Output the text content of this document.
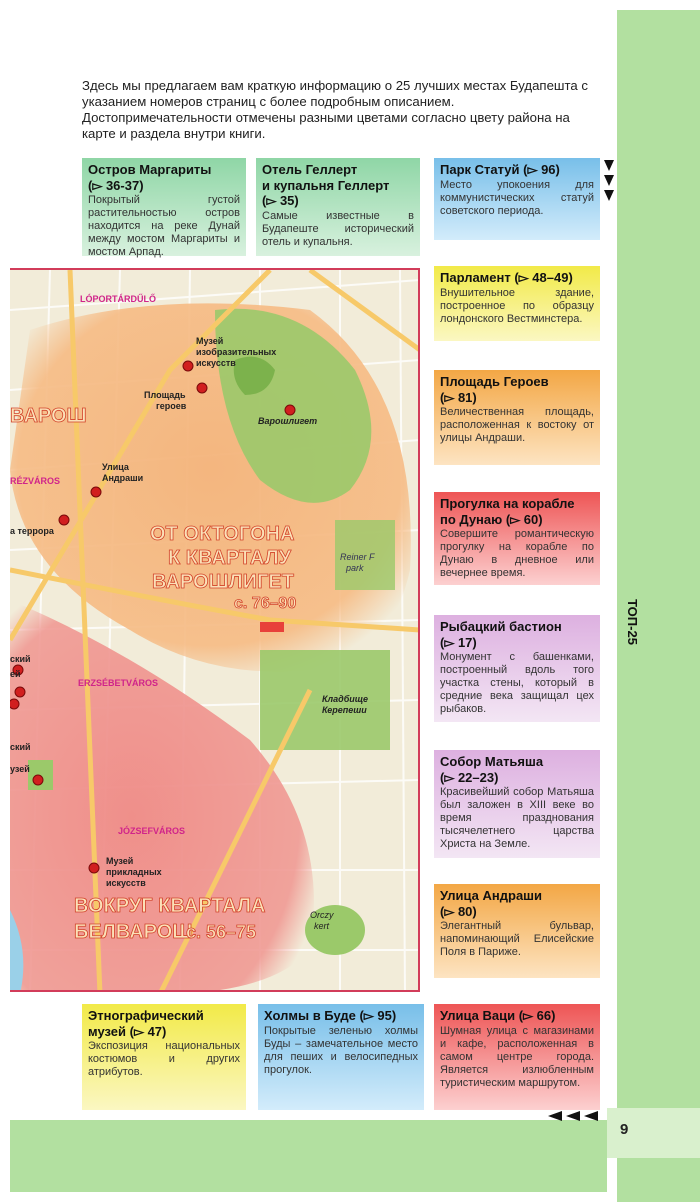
ТОП-25
9
Здесь мы предлагаем вам краткую информацию о 25 лучших местах Будапешта с указанием номеров страниц с более подробным описанием. Достопримечательности отмечены разными цветами согласно цвету района на карте и раздела внутри книги.
Остров Маргариты
(▻ 36-37)
Покрытый густой растительностью остров находится на реке Дунай между мостом Маргариты и мостом Арпад.
Отель Геллерт
и купальня Геллерт
(▻ 35)
Самые известные в Будапеште исторический отель и купальня.
Парк Статуй (▻ 96)
Место упокоения для коммунистических статуй советского периода.
Парламент (▻ 48–49)
Внушительное здание, построенное по образцу лондонского Вестминстера.
Площадь Героев
(▻ 81)
Величественная площадь, расположенная к востоку от улицы Андраши.
Прогулка на корабле
по Дунаю (▻ 60)
Совершите романтическую прогулку на корабле по Дунаю в дневное или вечернее время.
Рыбацкий бастион
(▻ 17)
Монумент с башенками, построенный вдоль того участка стены, который в средние века защищал цех рыбаков.
Собор Матьяша
(▻ 22–23)
Красивейший собор Матьяша был заложен в XIII веке во время празднования тысячелетнего царства Христа на Земле.
Улица Андраши
(▻ 80)
Элегантный бульвар, напоминающий Елисейские Поля в Париже.
Улица Ваци (▻ 66)
Шумная улица с магазинами и кафе, расположенная в самом центре города. Является излюбленным туристическим маршрутом.
Этнографический
музей (▻ 47)
Экспозиция национальных костюмов и других атрибутов.
Холмы в Буде (▻ 95)
Покрытые зеленью холмы Буды – замечательное место для пеших и велосипедных прогулок.
LÓPORTÁRDŰLŐ
RÉZVÁROS
ERZSÉBETVÁROS
JÓZSEFVÁROS
Музей
изобразительных
искусств
Площадь
героев
Варошлигет
Улица
Андраши
а террора
Reiner F
park
Кладбище
Керепеши
Музей
прикладных
искусств
Orczy
kert
ский
узей
ский
ей
ВАРОШ
ОТ ОКТОГОНА
К КВАРТАЛУ
ВАРОШЛИГЕТ
с. 76–90
ВОКРУГ КВАРТАЛА
БЕЛВАРОШ
с. 56–75
